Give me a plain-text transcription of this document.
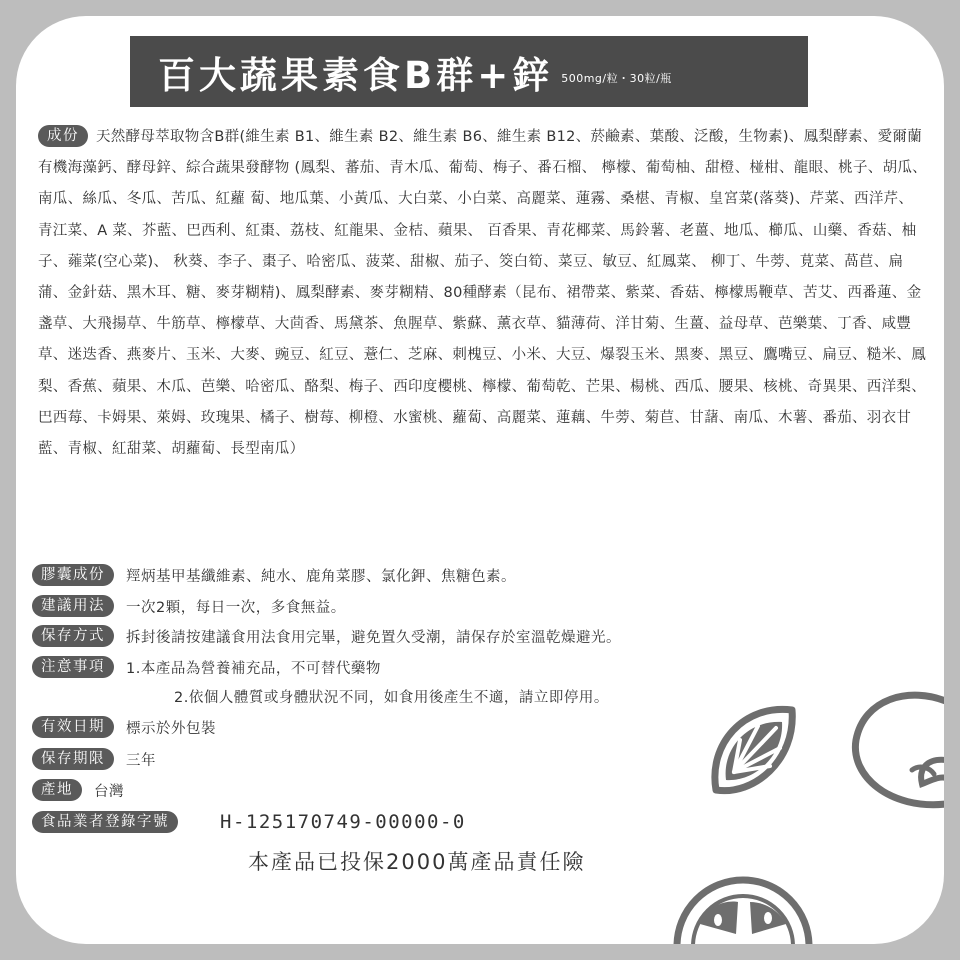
百大蔬果素食B群+鋅 500mg/粒・30粒/瓶
成份 天然酵母萃取物含B群(維生素 B1、維生素 B2、維生素 B6、維生素 B12、菸鹼素、葉酸、泛酸，生物素)、鳳梨酵素、愛爾蘭有機海藻鈣、酵母鋅、綜合蔬果發酵物 (鳳梨、蕃茄、青木瓜、葡萄、梅子、番石榴、 檸檬、葡萄柚、甜橙、椪柑、龍眼、桃子、胡瓜、南瓜、絲瓜、冬瓜、苦瓜、紅蘿 蔔、地瓜葉、小黃瓜、大白菜、小白菜、高麗菜、蓮霧、桑椹、青椒、皇宮菜(落葵)、芹菜、西洋芹、青江菜、A 菜、芥藍、巴西利、紅棗、荔枝、紅龍果、金桔、蘋果、 百香果、青花椰菜、馬鈴薯、老薑、地瓜、櫛瓜、山藥、香菇、柚子、蕹菜(空心菜)、 秋葵、李子、棗子、哈密瓜、菠菜、甜椒、茄子、筊白筍、菜豆、敏豆、紅鳳菜、 柳丁、牛蒡、莧菜、萵苣、扁蒲、金針菇、黑木耳、糖、麥芽糊精)、鳳梨酵素、麥芽糊精、80種酵素（昆布、裙帶菜、紫菜、香菇、檸檬馬鞭草、苦艾、西番蓮、金盞草、大飛揚草、牛筋草、檸檬草、大茴香、馬黛茶、魚腥草、紫蘇、薰衣草、貓薄荷、洋甘菊、生薑、益母草、芭樂葉、丁香、咸豐草、迷迭香、燕麥片、玉米、大麥、豌豆、紅豆、薏仁、芝麻、刺槐豆、小米、大豆、爆裂玉米、黑麥、黑豆、鷹嘴豆、扁豆、糙米、鳳梨、香蕉、蘋果、木瓜、芭樂、哈密瓜、酪梨、梅子、西印度櫻桃、檸檬、葡萄乾、芒果、楊桃、西瓜、腰果、核桃、奇異果、西洋梨、巴西莓、卡姆果、萊姆、玫瑰果、橘子、樹莓、柳橙、水蜜桃、蘿蔔、高麗菜、蓮藕、牛蒡、菊苣、甘藷、南瓜、木薯、番茄、羽衣甘藍、青椒、紅甜菜、胡蘿蔔、長型南瓜）
膠囊成份	羥炳基甲基纖維素、純水、鹿角菜膠、氯化鉀、焦糖色素。
建議用法	一次2顆，每日一次，多食無益。
保存方式	拆封後請按建議食用法食用完畢，避免置久受潮，請保存於室溫乾燥避光。
注意事項	1.本產品為營養補充品，不可替代藥物
2.依個人體質或身體狀況不同，如食用後產生不適，請立即停用。
有效日期	標示於外包裝
保存期限	三年
產地	台灣
食品業者登錄字號	H-125170749-00000-0
本產品已投保2000萬產品責任險
